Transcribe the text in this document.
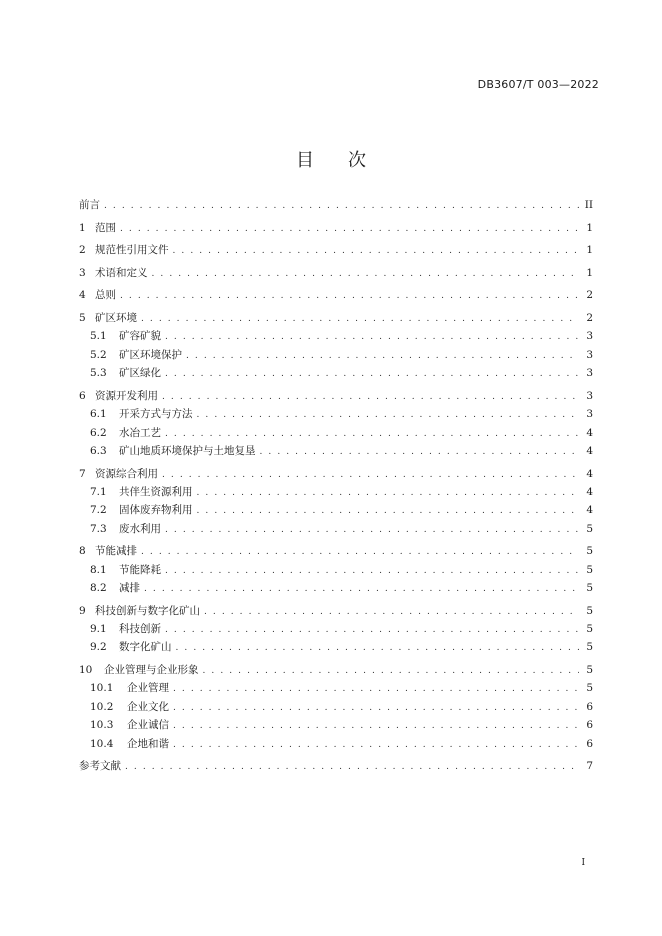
DB3607/T 003—2022
目次
前言 . . .	II
1 范围 . . .	1
2 规范性引用文件 . . .	1
3 术语和定义 . . .	1
4 总则 . . .	2
5 矿区环境 . . .	2
5.1	矿容矿貌 . . .	3
5.2	矿区环境保护 . . .	3
5.3	矿区绿化 . . .	3
6 资源开发利用 . . .	3
6.1	开采方式与方法 . . .	3
6.2	水冶工艺 . . .	4
6.3	矿山地质环境保护与土地复垦 . . .	4
7 资源综合利用 . . .	4
7.1	共伴生资源利用 . . .	4
7.2	固体废弃物利用 . . .	4
7.3	废水利用 . . .	5
8 节能减排 . . .	5
8.1	节能降耗 . . .	5
8.2	减排 . . .	5
9 科技创新与数字化矿山 . . .	5
9.1	科技创新 . . .	5
9.2	数字化矿山 . . .	5
10	企业管理与企业形象 . . .	5
10.1	企业管理 . . .	5
10.2	企业文化 . . .	6
10.3	企业诚信 . . .	6
10.4	企地和谐 . . .	6
参考文献 . . .	7
I
